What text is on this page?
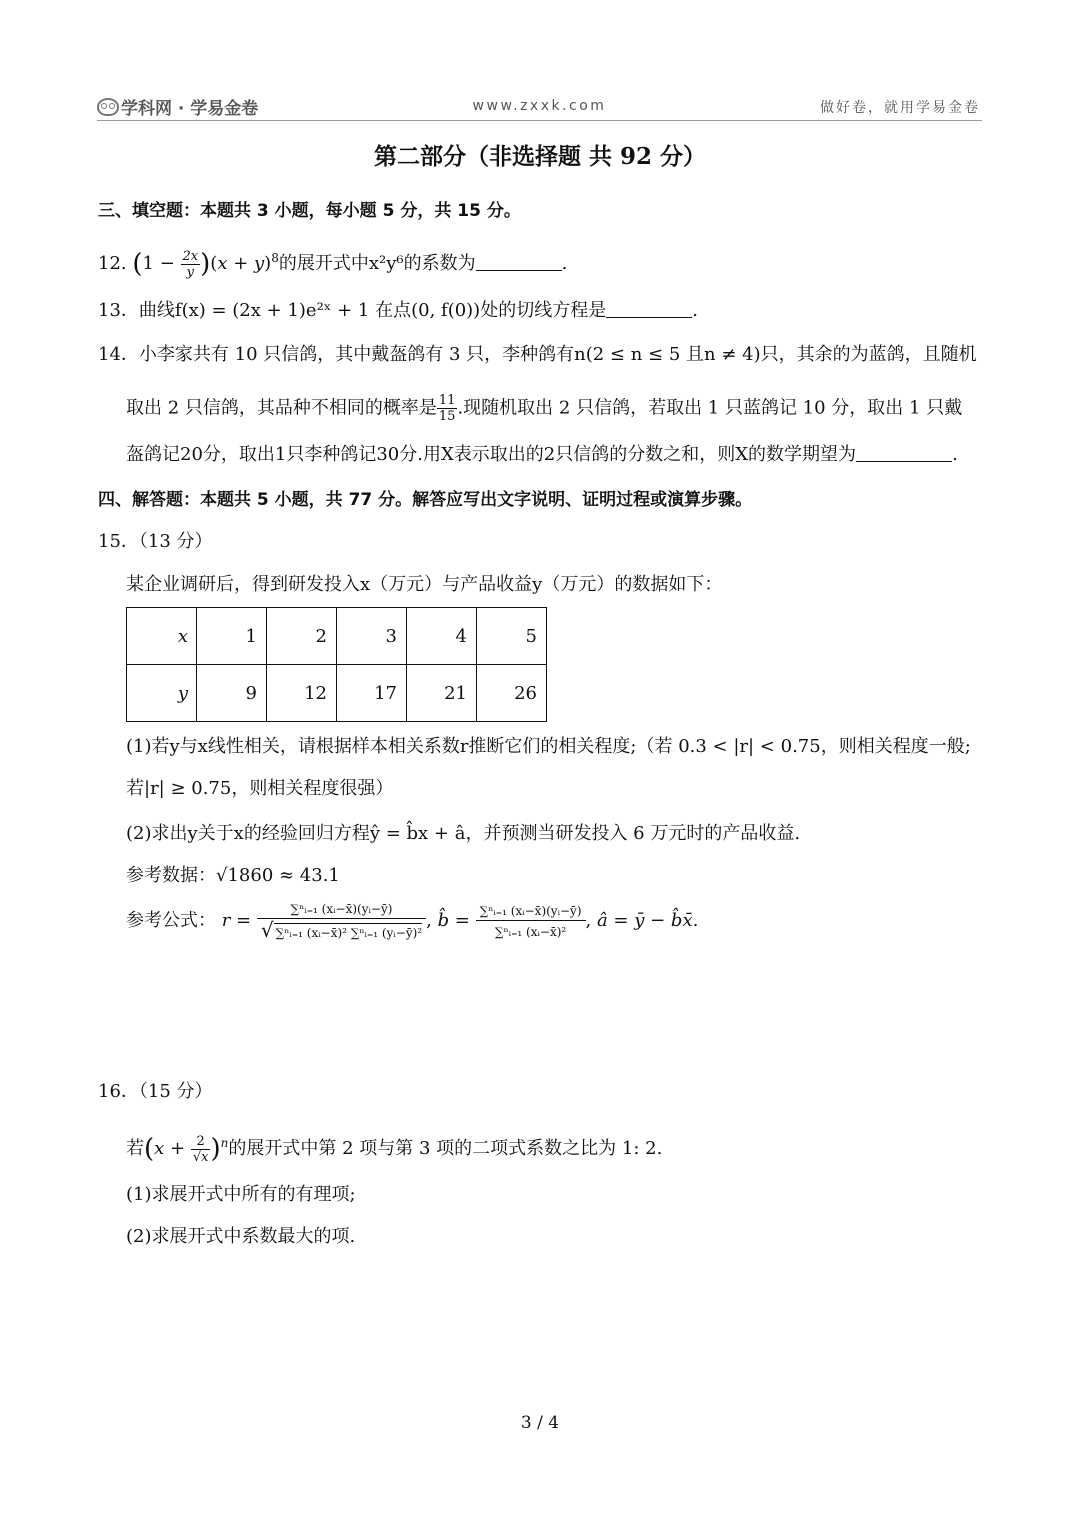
学科网 · 学易金卷	www.zxxk.com	做好卷，就用学易金卷
第二部分（非选择题 共 92 分）
三、填空题：本题共 3 小题，每小题 5 分，共 15 分。
12. $(1 - \frac{2x}{y} )(x + y)^8$的展开式中x²y⁶的系数为	.
13．曲线f(x) = (2x + 1)e²ˣ + 1 在点(0, f(0))处的切线方程是	.
14．小李家共有 10 只信鸽，其中戴盔鸽有 3 只，李种鸽有n(2 ≤ n ≤ 5 且n ≠ 4)只，其余的为蓝鸽，且随机
取出 2 只信鸽，其品种不相同的概率是 $\frac{11}{15}$ .现随机取出 2 只信鸽，若取出 1 只蓝鸽记 10 分，取出 1 只戴
盔鸽记20分，取出1只李种鸽记30分.用X表示取出的2只信鸽的分数之和，则X的数学期望为	.
四、解答题：本题共 5 小题，共 77 分。解答应写出文字说明、证明过程或演算步骤。
15．（13 分）
某企业调研后，得到研发投入x（万元）与产品收益y（万元）的数据如下：
x	1	2	3	4	5
y	9	12	17	21	26
(1)若y与x线性相关，请根据样本相关系数r推断它们的相关程度;（若 0.3 < |r| < 0.75，则相关程度一般;
若|r| ≥ 0.75，则相关程度很强）
(2)求出y关于x的经验回归方程ŷ = b̂x + â，并预测当研发投入 6 万元时的产品收益.
参考数据：√1860 ≈ 43.1
参考公式： $r = \frac{\text{∑ⁿᵢ₌₁ (xᵢ−x̄)(yᵢ−ȳ)}}{\text{√ ∑ⁿᵢ₌₁ (xᵢ−x̄)² ∑ⁿᵢ₌₁ (yᵢ−ȳ)²}}$ , b̂ = $\frac{\text{∑ⁿᵢ₌₁ (xᵢ−x̄)(yᵢ−ȳ)}}{\text{∑ⁿᵢ₌₁ (xᵢ−x̄)²}}$ , â = ȳ − b̂x̄.
16．（15 分）
若$(x + \frac{2}{√x} )^n$的展开式中第 2 项与第 3 项的二项式系数之比为 1: 2.
(1)求展开式中所有的有理项;
(2)求展开式中系数最大的项.
3 / 4
